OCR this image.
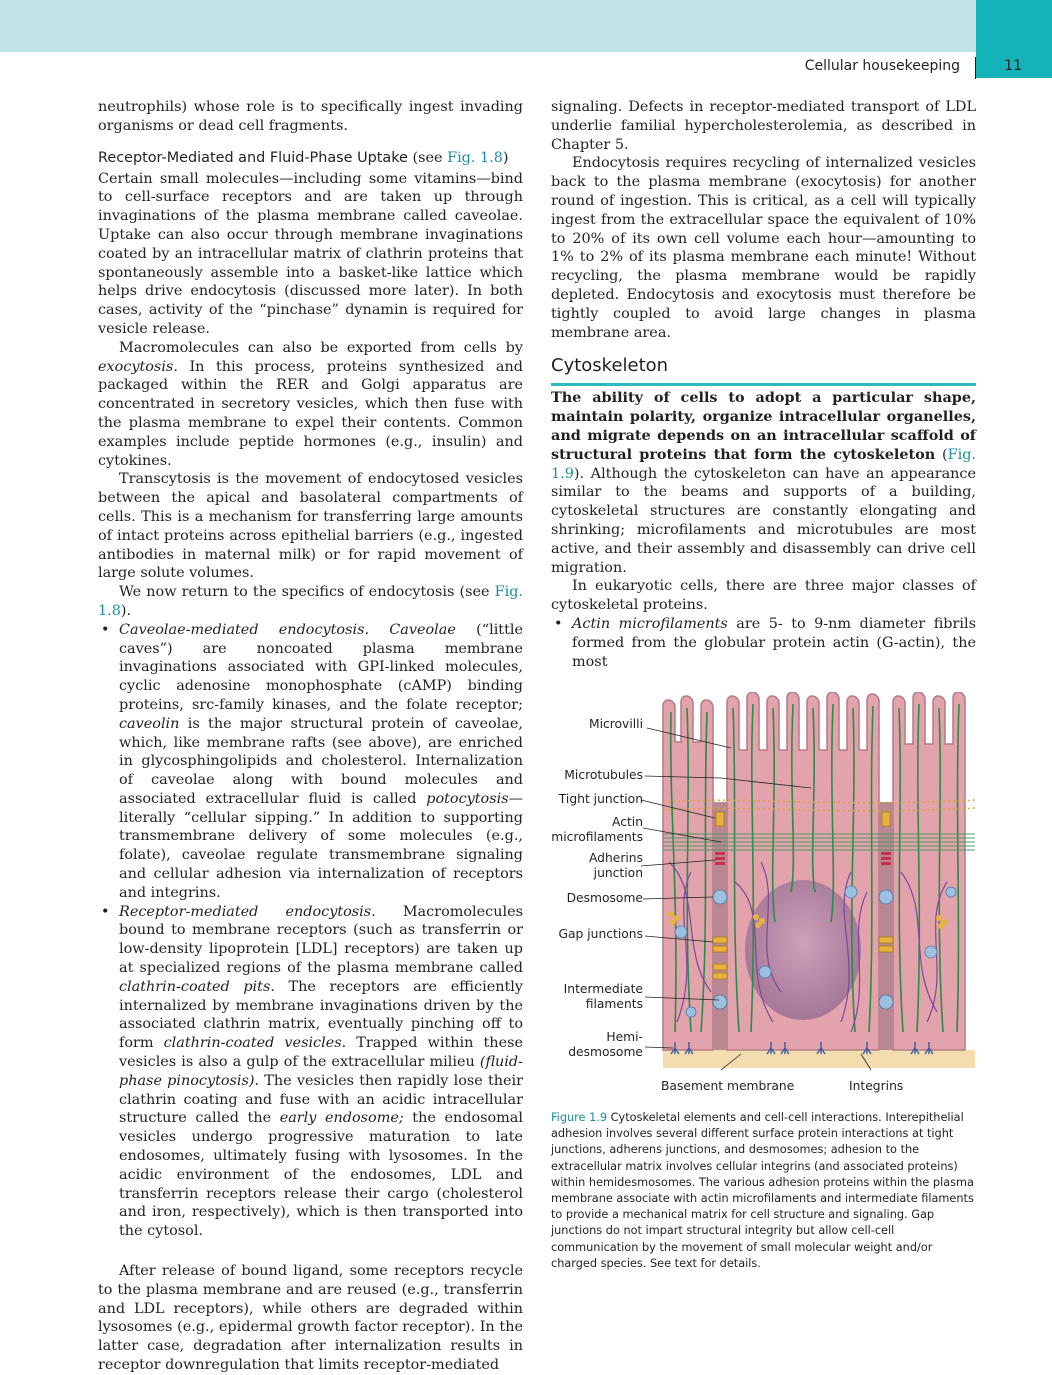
Cellular housekeeping	11

neutrophils) whose role is to specifically ingest invading organisms or dead cell fragments.

Receptor-Mediated and Fluid-Phase Uptake (see Fig. 1.8)

Certain small molecules—including some vitamins—bind to cell-surface receptors and are taken up through invaginations of the plasma membrane called caveolae. Uptake can also occur through membrane invaginations coated by an intracellular matrix of clathrin proteins that spontaneously assemble into a basket-like lattice which helps drive endocytosis (discussed more later). In both cases, activity of the “pinchase” dynamin is required for vesicle release.

Macromolecules can also be exported from cells by exocytosis. In this process, proteins synthesized and packaged within the RER and Golgi apparatus are concentrated in secretory vesicles, which then fuse with the plasma membrane to expel their contents. Common examples include peptide hormones (e.g., insulin) and cytokines.

Transcytosis is the movement of endocytosed vesicles between the apical and basolateral compartments of cells. This is a mechanism for transferring large amounts of intact proteins across epithelial barriers (e.g., ingested antibodies in maternal milk) or for rapid movement of large solute volumes.

We now return to the specifics of endocytosis (see Fig. 1.8).

• Caveolae-mediated endocytosis. Caveolae (“little caves”) are noncoated plasma membrane invaginations associated with GPI-linked molecules, cyclic adenosine monophosphate (cAMP) binding proteins, src-family kinases, and the folate receptor; caveolin is the major structural protein of caveolae, which, like membrane rafts (see above), are enriched in glycosphingolipids and cholesterol. Internalization of caveolae along with bound molecules and associated extracellular fluid is called potocytosis—literally “cellular sipping.” In addition to supporting transmembrane delivery of some molecules (e.g., folate), caveolae regulate transmembrane signaling and cellular adhesion via internalization of receptors and integrins.

• Receptor-mediated endocytosis. Macromolecules bound to membrane receptors (such as transferrin or low-density lipoprotein [LDL] receptors) are taken up at specialized regions of the plasma membrane called clathrin-coated pits. The receptors are efficiently internalized by membrane invaginations driven by the associated clathrin matrix, eventually pinching off to form clathrin-coated vesicles. Trapped within these vesicles is also a gulp of the extracellular milieu (fluid-phase pinocytosis). The vesicles then rapidly lose their clathrin coating and fuse with an acidic intracellular structure called the early endosome; the endosomal vesicles undergo progressive maturation to late endosomes, ultimately fusing with lysosomes. In the acidic environment of the endosomes, LDL and transferrin receptors release their cargo (cholesterol and iron, respectively), which is then transported into the cytosol.

After release of bound ligand, some receptors recycle to the plasma membrane and are reused (e.g., transferrin and LDL receptors), while others are degraded within lysosomes (e.g., epidermal growth factor receptor). In the latter case, degradation after internalization results in receptor downregulation that limits receptor-mediated

signaling. Defects in receptor-mediated transport of LDL underlie familial hypercholesterolemia, as described in Chapter 5.

Endocytosis requires recycling of internalized vesicles back to the plasma membrane (exocytosis) for another round of ingestion. This is critical, as a cell will typically ingest from the extracellular space the equivalent of 10% to 20% of its own cell volume each hour—amounting to 1% to 2% of its plasma membrane each minute! Without recycling, the plasma membrane would be rapidly depleted. Endocytosis and exocytosis must therefore be tightly coupled to avoid large changes in plasma membrane area.

Cytoskeleton

The ability of cells to adopt a particular shape, maintain polarity, organize intracellular organelles, and migrate depends on an intracellular scaffold of structural proteins that form the cytoskeleton (Fig. 1.9). Although the cytoskeleton can have an appearance similar to the beams and supports of a building, cytoskeletal structures are constantly elongating and shrinking; microfilaments and microtubules are most active, and their assembly and disassembly can drive cell migration.

In eukaryotic cells, there are three major classes of cytoskeletal proteins.

• Actin microfilaments are 5- to 9-nm diameter fibrils formed from the globular protein actin (G-actin), the most

Microvilli
Microtubules
Tight junction
Actin
microfilaments
Adherins
junction
Desmosome
Gap junctions
Intermediate
filaments
Hemi-
desmosome
Basement membrane	Integrins
Figure 1.9 Cytoskeletal elements and cell-cell interactions. Interepithelial adhesion involves several different surface protein interactions at tight junctions, adherens junctions, and desmosomes; adhesion to the extracellular matrix involves cellular integrins (and associated proteins) within hemidesmosomes. The various adhesion proteins within the plasma membrane associate with actin microfilaments and intermediate filaments to provide a mechanical matrix for cell structure and signaling. Gap junctions do not impart structural integrity but allow cell-cell communication by the movement of small molecular weight and/or charged species. See text for details.
